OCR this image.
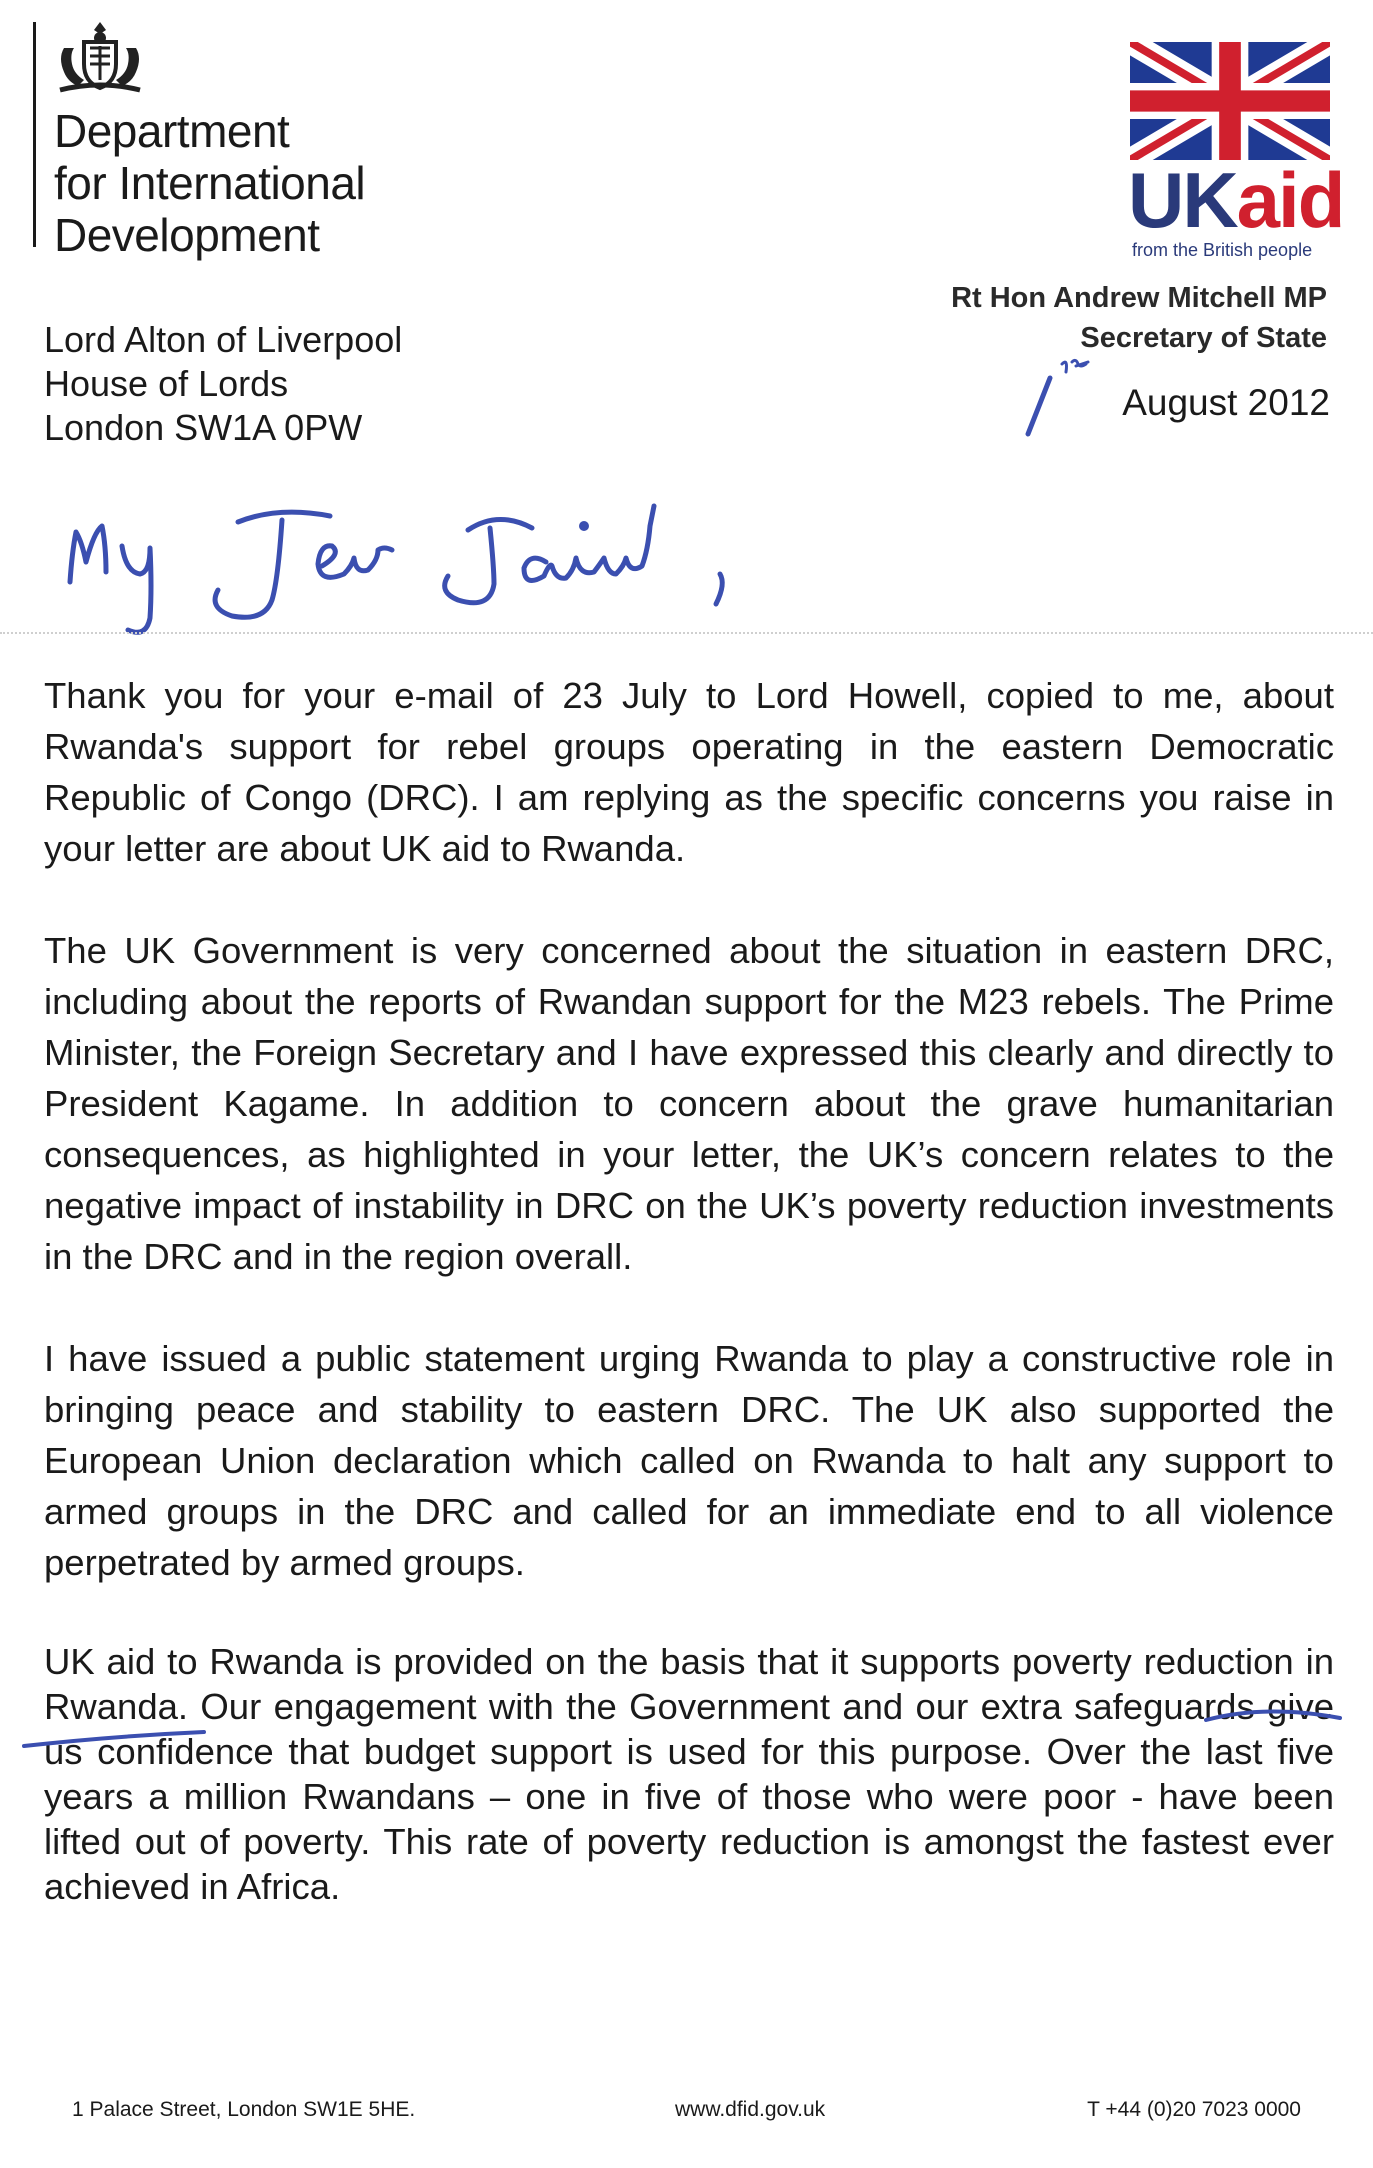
Department
for International
Development	UKaid
from the British people
Rt Hon Andrew Mitchell MP
Secretary of State
Lord Alton of Liverpool
House of Lords
London SW1A 0PW
August 2012

Thank you for your e-mail of 23 July to Lord Howell, copied to me, about Rwanda's support for rebel groups operating in the eastern Democratic Republic of Congo (DRC). I am replying as the specific concerns you raise in your letter are about UK aid to Rwanda.

The UK Government is very concerned about the situation in eastern DRC, including about the reports of Rwandan support for the M23 rebels. The Prime Minister, the Foreign Secretary and I have expressed this clearly and directly to President Kagame. In addition to concern about the grave humanitarian consequences, as highlighted in your letter, the UK’s concern relates to the negative impact of instability in DRC on the UK’s poverty reduction investments in the DRC and in the region overall.

I have issued a public statement urging Rwanda to play a constructive role in bringing peace and stability to eastern DRC. The UK also supported the European Union declaration which called on Rwanda to halt any support to armed groups in the DRC and called for an immediate end to all violence perpetrated by armed groups.

UK aid to Rwanda is provided on the basis that it supports poverty reduction in Rwanda. Our engagement with the Government and our extra safeguards give us confidence that budget support is used for this purpose. Over the last five years a million Rwandans – one in five of those who were poor - have been lifted out of poverty. This rate of poverty reduction is amongst the fastest ever achieved in Africa.

1 Palace Street, London SW1E 5HE.	www.dfid.gov.uk	T +44 (0)20 7023 0000
